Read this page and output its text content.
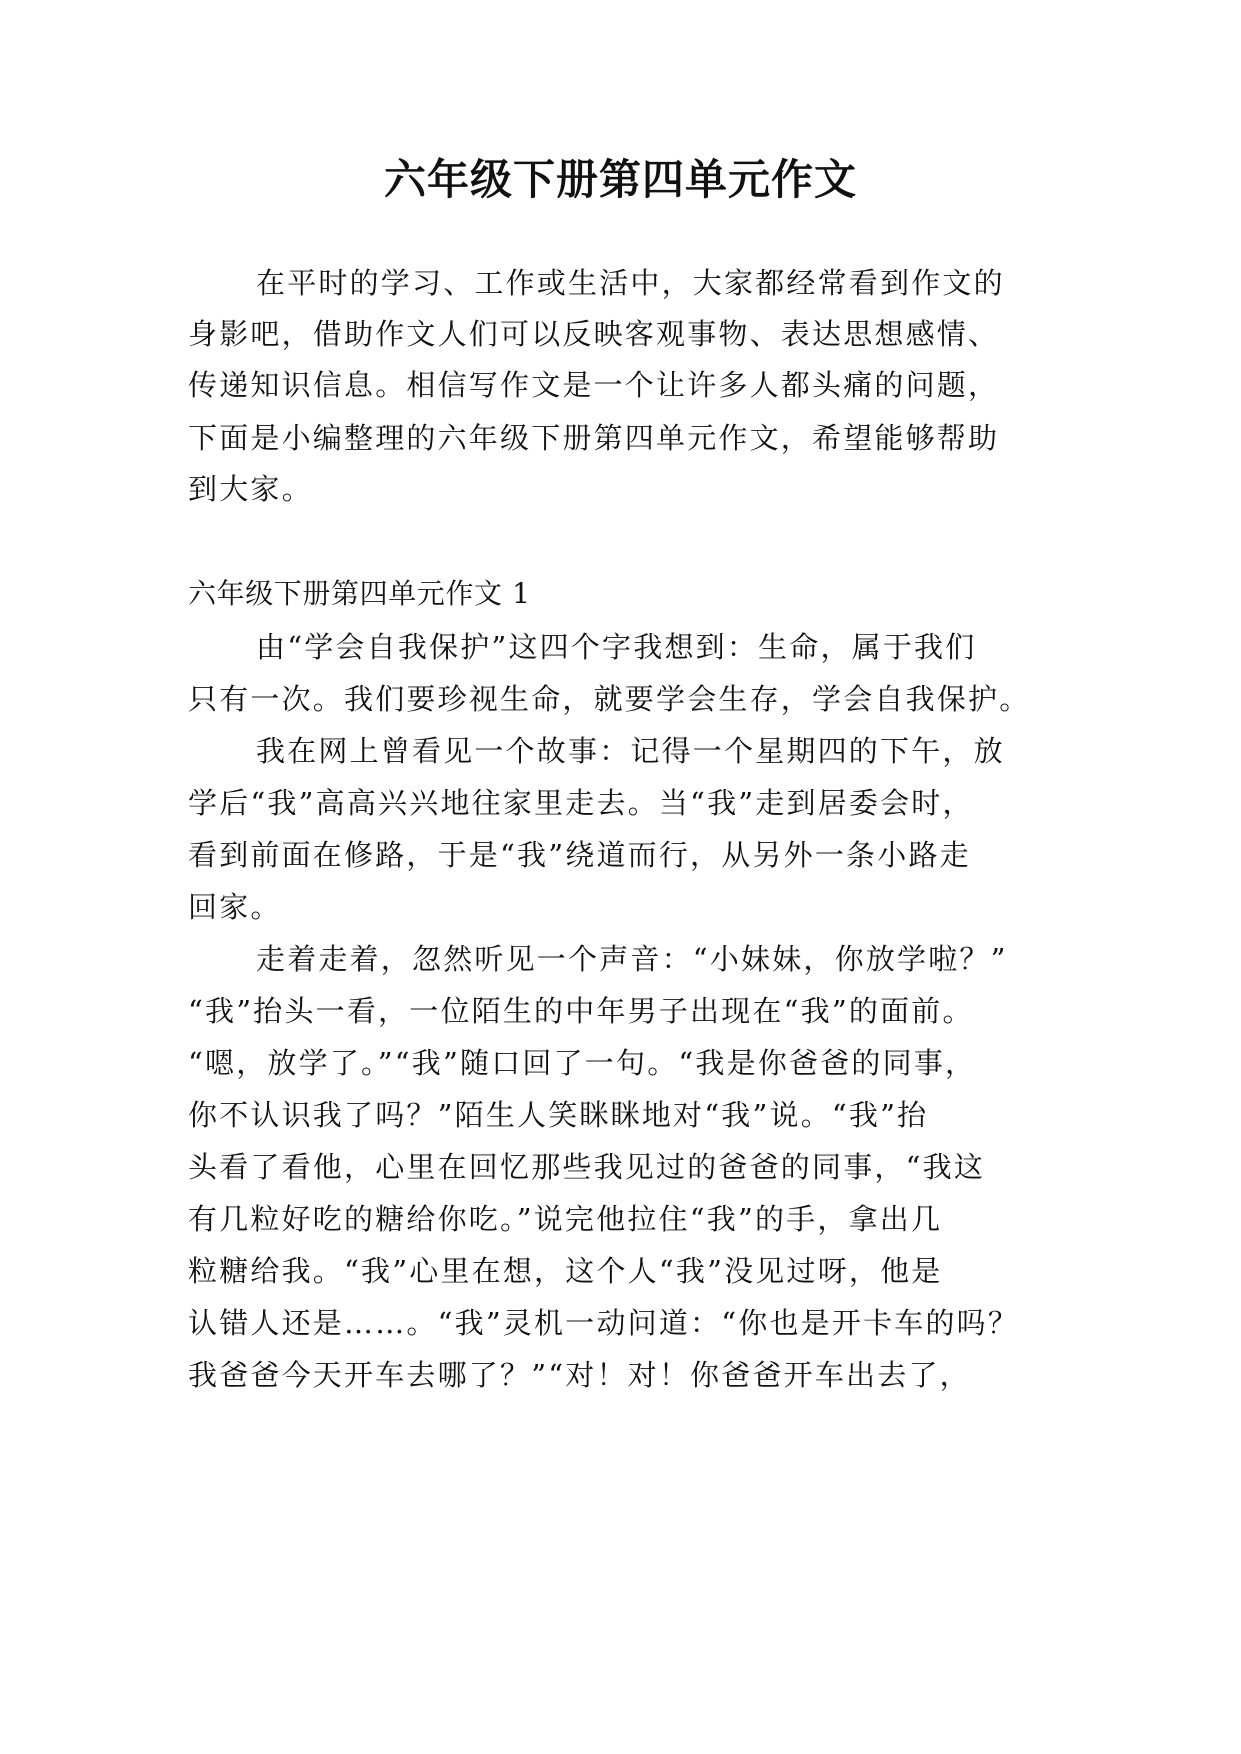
六年级下册第四单元作文
在平时的学习、工作或生活中，大家都经常看到作文的
身影吧，借助作文人们可以反映客观事物、表达思想感情、
传递知识信息。相信写作文是一个让许多人都头痛的问题，
下面是小编整理的六年级下册第四单元作文，希望能够帮助
到大家。
六年级下册第四单元作文 1
由“学会自我保护”这四个字我想到：生命，属于我们
只有一次。我们要珍视生命，就要学会生存，学会自我保护。
我在网上曾看见一个故事：记得一个星期四的下午，放
学后“我”高高兴兴地往家里走去。当“我”走到居委会时，
看到前面在修路，于是“我”绕道而行，从另外一条小路走
回家。
走着走着，忽然听见一个声音：“小妹妹，你放学啦？”
“我”抬头一看，一位陌生的中年男子出现在“我”的面前。
“嗯，放学了。”“我”随口回了一句。“我是你爸爸的同事，
你不认识我了吗？”陌生人笑眯眯地对“我”说。“我”抬
头看了看他，心里在回忆那些我见过的爸爸的同事，“我这
有几粒好吃的糖给你吃。”说完他拉住“我”的手，拿出几
粒糖给我。“我”心里在想，这个人“我”没见过呀，他是
认错人还是……。“我”灵机一动问道：“你也是开卡车的吗？
我爸爸今天开车去哪了？”“对！对！你爸爸开车出去了，
